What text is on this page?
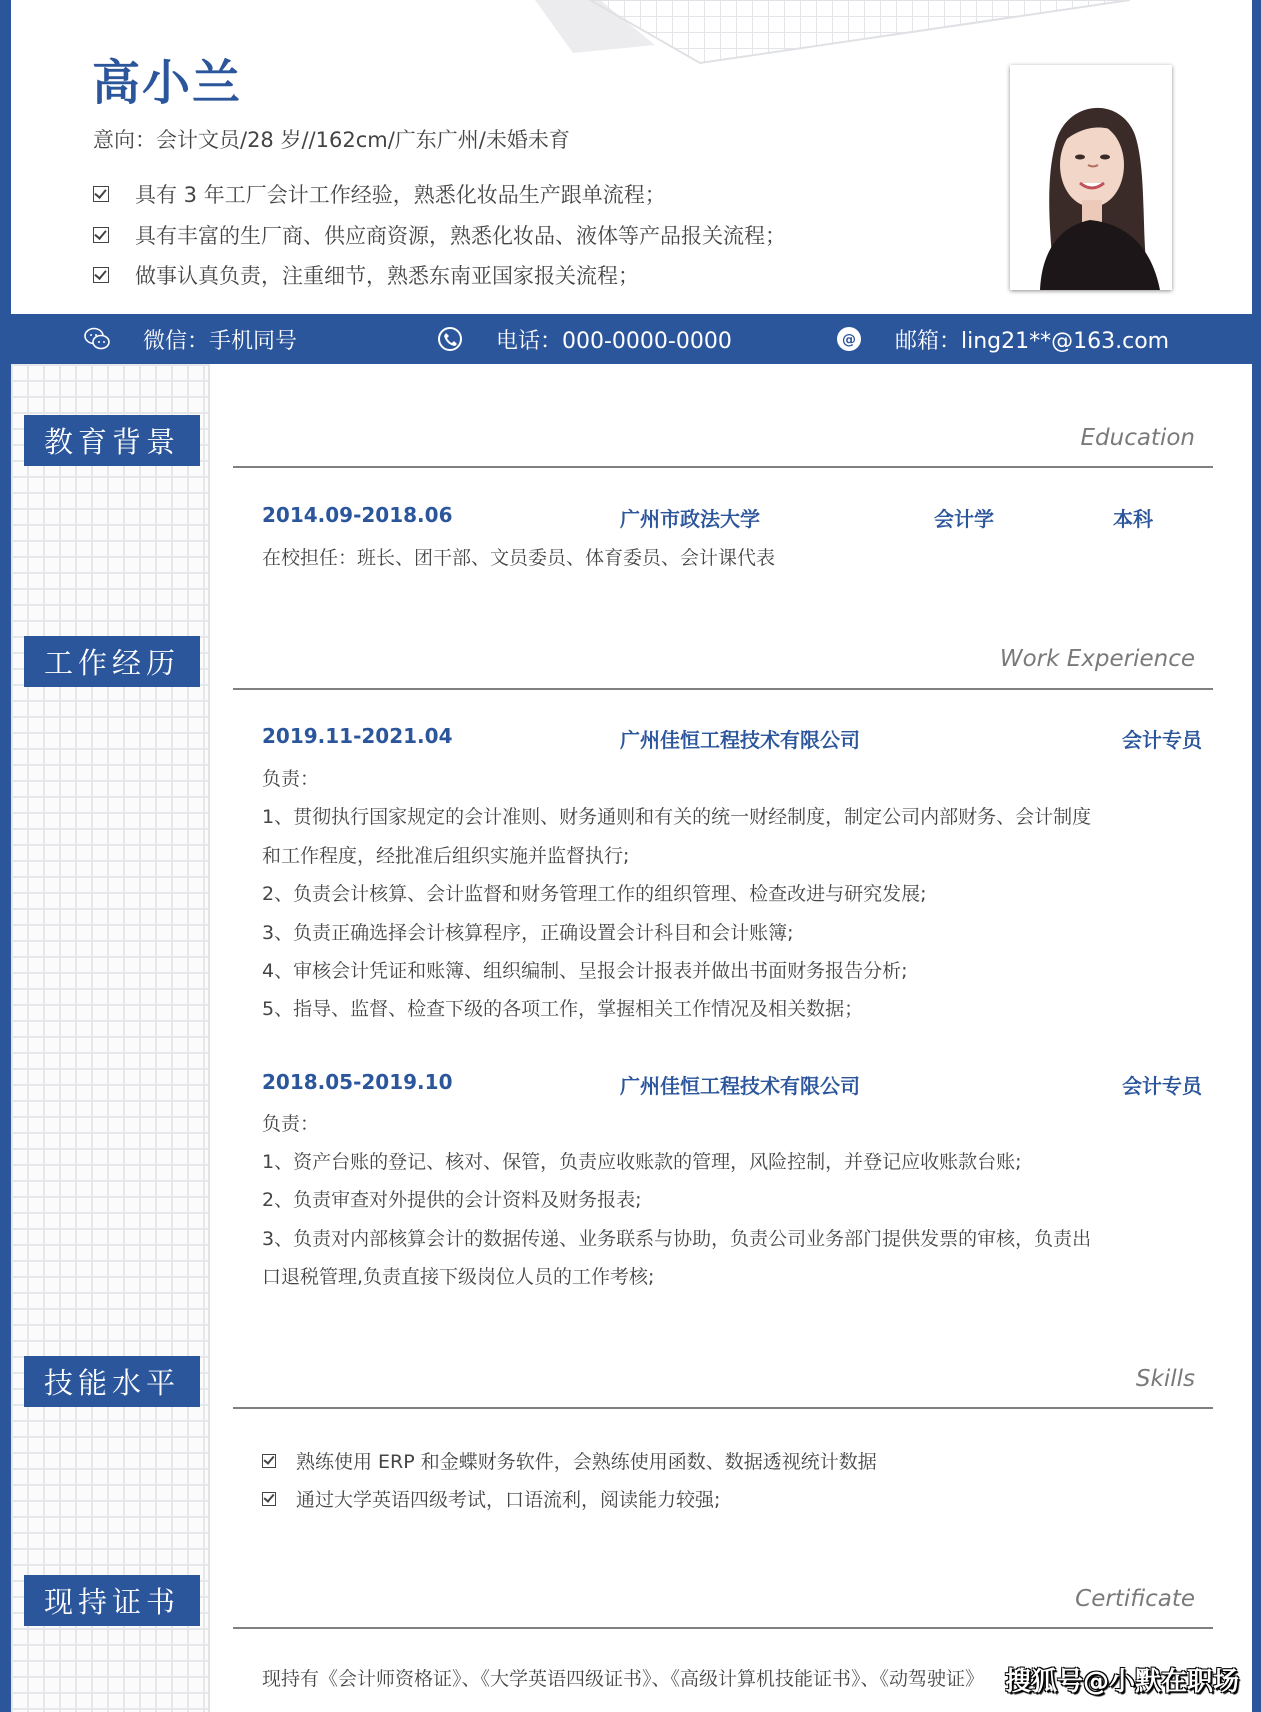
高小兰
意向：会计文员/28 岁//162cm/广东广州/未婚未育
具有 3 年工厂会计工作经验，熟悉化妆品生产跟单流程；
具有丰富的生厂商、供应商资源，熟悉化妆品、液体等产品报关流程；
做事认真负责，注重细节，熟悉东南亚国家报关流程；
微信：手机同号	电话：000-0000-0000	@ 邮箱：ling21**@163.com
教育背景	Education
2014.09-2018.06	广州市政法大学	会计学	本科
在校担任：班长、团干部、文员委员、体育委员、会计课代表
工作经历	Work Experience
2019.11-2021.04	广州佳恒工程技术有限公司	会计专员
负责：
1、贯彻执行国家规定的会计准则、财务通则和有关的统一财经制度，制定公司内部财务、会计制度
和工作程度，经批准后组织实施并监督执行;
2、负责会计核算、会计监督和财务管理工作的组织管理、检查改进与研究发展;
3、负责正确选择会计核算程序，正确设置会计科目和会计账簿;
4、审核会计凭证和账簿、组织编制、呈报会计报表并做出书面财务报告分析;
5、指导、监督、检查下级的各项工作，掌握相关工作情况及相关数据；
2018.05-2019.10	广州佳恒工程技术有限公司	会计专员
负责：
1、资产台账的登记、核对、保管，负责应收账款的管理，风险控制，并登记应收账款台账;
2、负责审查对外提供的会计资料及财务报表;
3、负责对内部核算会计的数据传递、业务联系与协助，负责公司业务部门提供发票的审核，负责出
口退税管理,负责直接下级岗位人员的工作考核;
技能水平	Skills
熟练使用 ERP 和金蝶财务软件，会熟练使用函数、数据透视统计数据
通过大学英语四级考试，口语流利，阅读能力较强;
现持证书	Certificate
现持有《会计师资格证》、《大学英语四级证书》、《高级计算机技能证书》、《动驾驶证》 搜狐号@小默在职场
